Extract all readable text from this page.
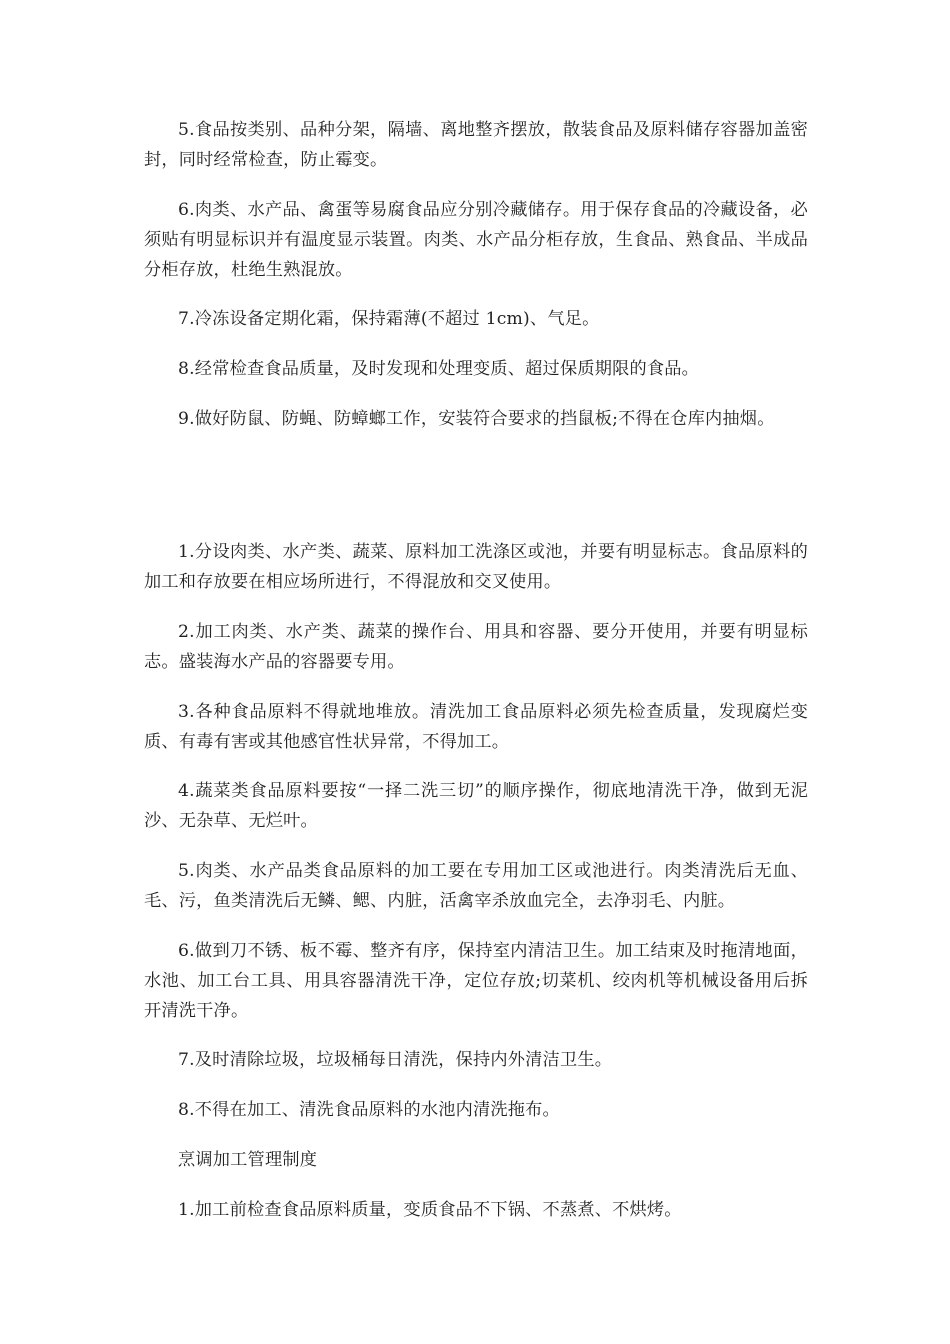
5.食品按类别、品种分架，隔墙、离地整齐摆放，散装食品及原料储存容器加盖密封，同时经常检查，防止霉变。

6.肉类、水产品、禽蛋等易腐食品应分别冷藏储存。用于保存食品的冷藏设备，必须贴有明显标识并有温度显示装置。肉类、水产品分柜存放，生食品、熟食品、半成品分柜存放，杜绝生熟混放。

7.冷冻设备定期化霜，保持霜薄(不超过 1cm)、气足。

8.经常检查食品质量，及时发现和处理变质、超过保质期限的食品。

9.做好防鼠、防蝇、防蟑螂工作，安装符合要求的挡鼠板;不得在仓库内抽烟。

1.分设肉类、水产类、蔬菜、原料加工洗涤区或池，并要有明显标志。食品原料的加工和存放要在相应场所进行，不得混放和交叉使用。

2.加工肉类、水产类、蔬菜的操作台、用具和容器、要分开使用，并要有明显标志。盛装海水产品的容器要专用。

3.各种食品原料不得就地堆放。清洗加工食品原料必须先检查质量，发现腐烂变质、有毒有害或其他感官性状异常，不得加工。

4.蔬菜类食品原料要按“一择二洗三切”的顺序操作，彻底地清洗干净，做到无泥沙、无杂草、无烂叶。

5.肉类、水产品类食品原料的加工要在专用加工区或池进行。肉类清洗后无血、毛、污，鱼类清洗后无鳞、鳃、内脏，活禽宰杀放血完全，去净羽毛、内脏。

6.做到刀不锈、板不霉、整齐有序，保持室内清洁卫生。加工结束及时拖清地面，水池、加工台工具、用具容器清洗干净，定位存放;切菜机、绞肉机等机械设备用后拆开清洗干净。

7.及时清除垃圾，垃圾桶每日清洗，保持内外清洁卫生。

8.不得在加工、清洗食品原料的水池内清洗拖布。

烹调加工管理制度

1.加工前检查食品原料质量，变质食品不下锅、不蒸煮、不烘烤。
